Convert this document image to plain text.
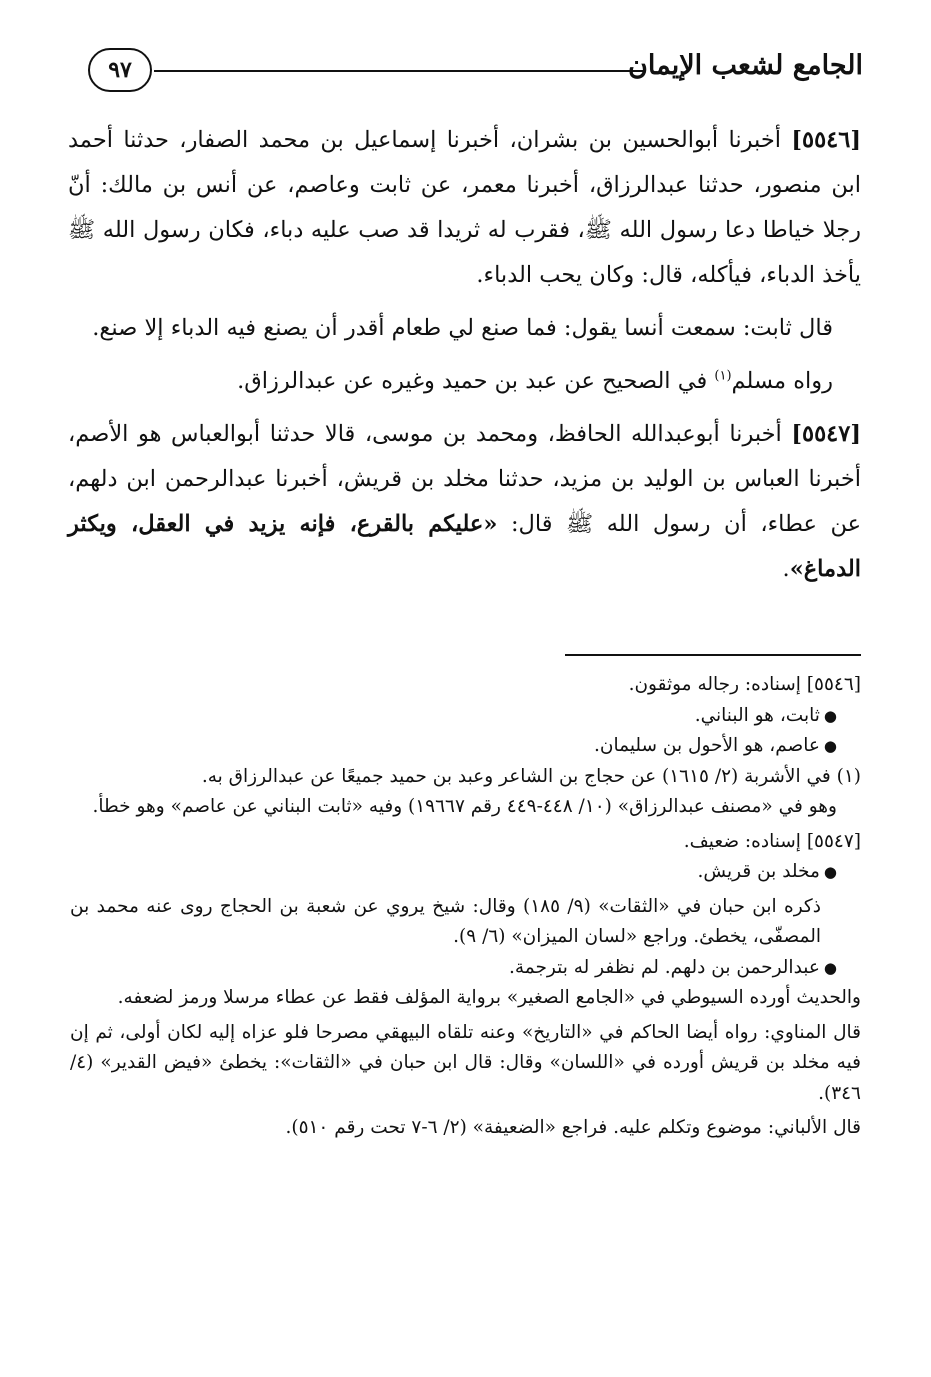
الجامع لشعب الإيمان
٩٧

[٥٥٤٦] أخبرنا أبوالحسين بن بشران، أخبرنا إسماعيل بن محمد الصفار، حدثنا أحمد ابن منصور، حدثنا عبدالرزاق، أخبرنا معمر، عن ثابت وعاصم، عن أنس بن مالك: أنّ رجلا خياطا دعا رسول الله ﷺ، فقرب له ثريدا قد صب عليه دباء، فكان رسول الله ﷺ يأخذ الدباء، فيأكله، قال: وكان يحب الدباء.

قال ثابت: سمعت أنسا يقول: فما صنع لي طعام أقدر أن يصنع فيه الدباء إلا صنع.

رواه مسلم$^{(١)}$ في الصحيح عن عبد بن حميد وغيره عن عبدالرزاق.

[٥٥٤٧] أخبرنا أبوعبدالله الحافظ، ومحمد بن موسى، قالا حدثنا أبوالعباس هو الأصم، أخبرنا العباس بن الوليد بن مزيد، حدثنا مخلد بن قريش، أخبرنا عبدالرحمن ابن دلهم، عن عطاء، أن رسول الله ﷺ قال: «عليكم بالقرع، فإنه يزيد في العقل، ويكثر الدماغ».

[٥٥٤٦] إسناده: رجاله موثقون.

●ثابت، هو البناني.

●عاصم، هو الأحول بن سليمان.

(١) في الأشربة (٢/ ١٦١٥) عن حجاج بن الشاعر وعبد بن حميد جميعًا عن عبدالرزاق به.

وهو في «مصنف عبدالرزاق» (١٠/ ٤٤٨-٤٤٩ رقم ١٩٦٦٧) وفيه «ثابت البناني عن عاصم» وهو خطأ.

[٥٥٤٧] إسناده: ضعيف.

●مخلد بن قريش.

ذكره ابن حبان في «الثقات» (٩/ ١٨٥) وقال: شيخ يروي عن شعبة بن الحجاج روى عنه محمد بن المصفّى، يخطئ. وراجع «لسان الميزان» (٦/ ٩).

●عبدالرحمن بن دلهم. لم نظفر له بترجمة.

والحديث أورده السيوطي في «الجامع الصغير» برواية المؤلف فقط عن عطاء مرسلا ورمز لضعفه.

قال المناوي: رواه أيضا الحاكم في «التاريخ» وعنه تلقاه البيهقي مصرحا فلو عزاه إليه لكان أولى، ثم إن فيه مخلد بن قريش أورده في «اللسان» وقال: قال ابن حبان في «الثقات»: يخطئ «فيض القدير» (٤/ ٣٤٦).

قال الألباني: موضوع وتكلم عليه. فراجع «الضعيفة» (٢/ ٦-٧ تحت رقم ٥١٠).
